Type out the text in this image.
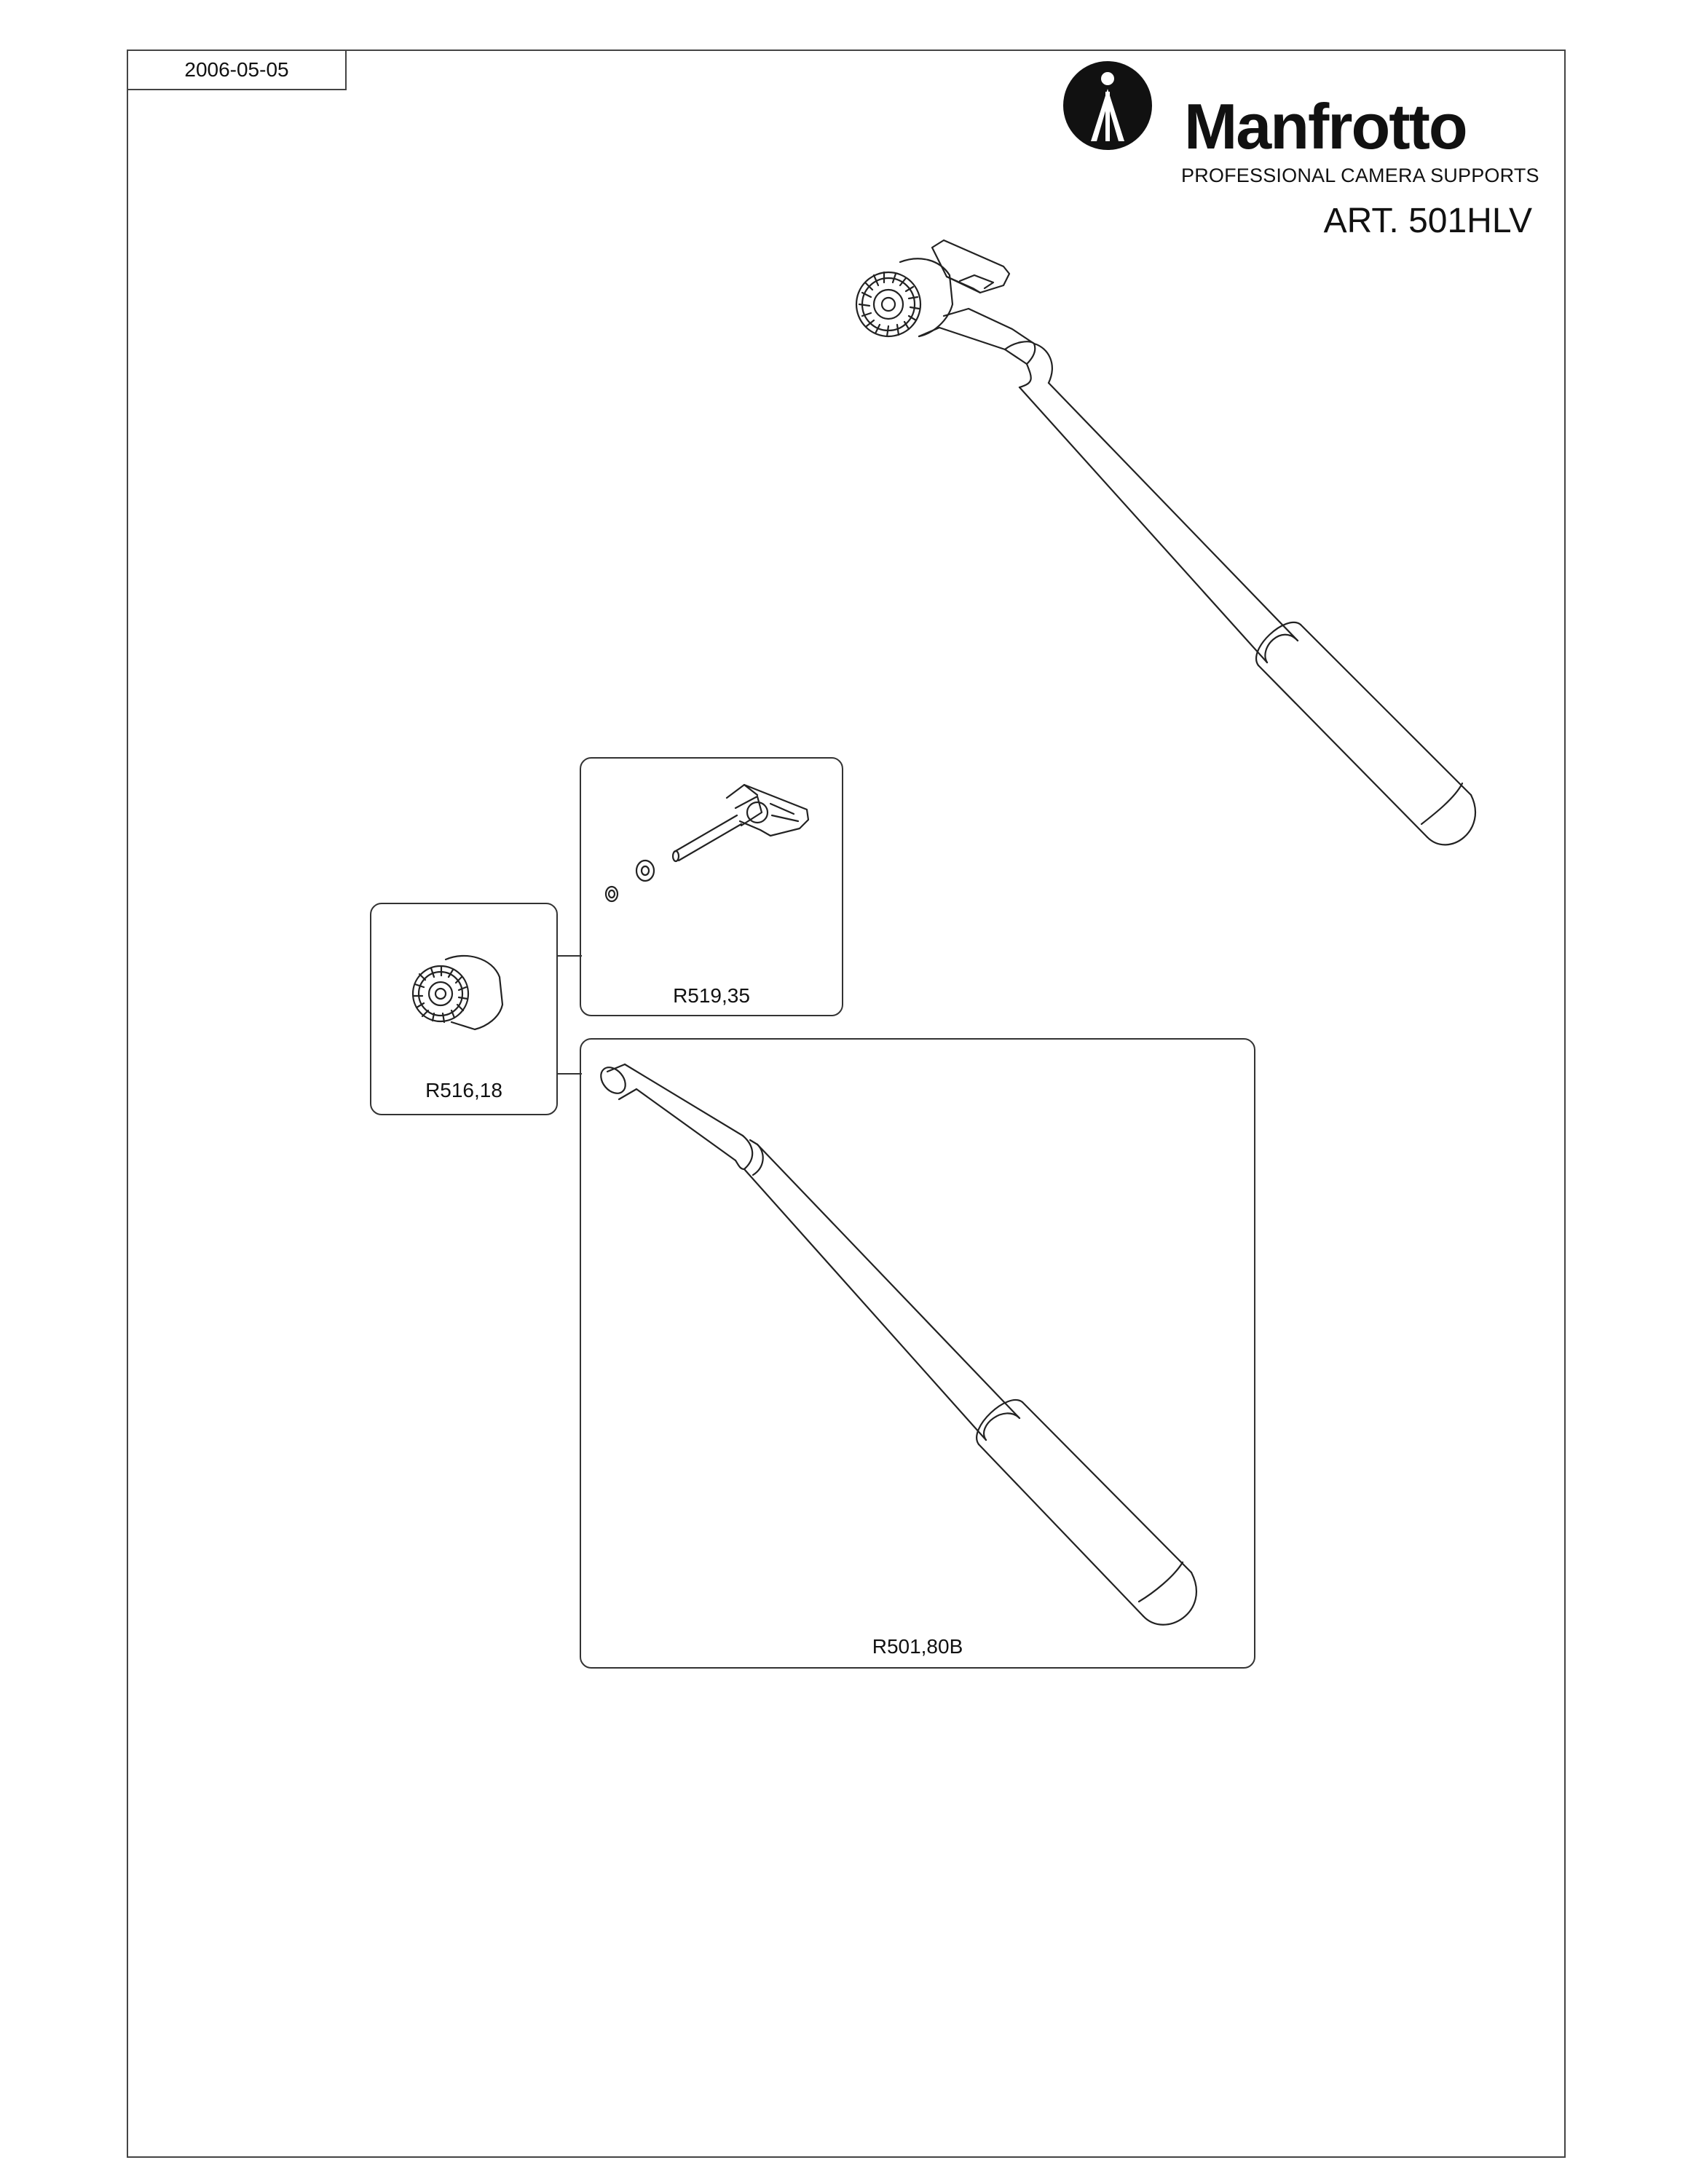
2006-05-05
Manfrotto
PROFESSIONAL CAMERA SUPPORTS
ART. 501HLV
R516,18
R519,35
R501,80B
